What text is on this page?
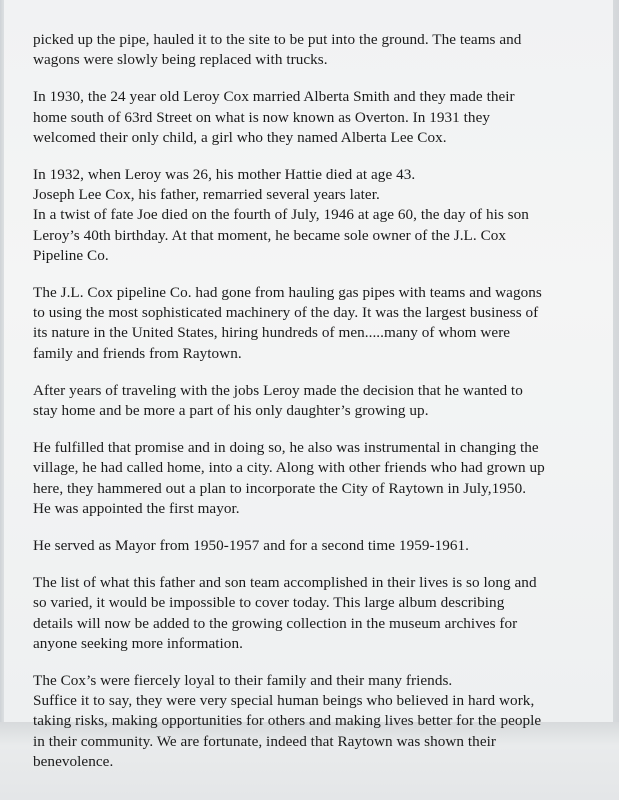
picked up the pipe, hauled it to the site to be put into the ground. The teams and
wagons were slowly being replaced with trucks.

In 1930, the 24 year old Leroy Cox married Alberta Smith and they made their
home south of 63rd Street on what is now known as Overton. In 1931 they
welcomed their only child, a girl who they named Alberta Lee Cox.

In 1932, when Leroy was 26, his mother Hattie died at age 43.
Joseph Lee Cox, his father, remarried several years later.
In a twist of fate Joe died on the fourth of July, 1946 at age 60, the day of his son
Leroy’s 40th birthday. At that moment, he became sole owner of the J.L. Cox
Pipeline Co.

The J.L. Cox pipeline Co. had gone from hauling gas pipes with teams and wagons
to using the most sophisticated machinery of the day. It was the largest business of
its nature in the United States, hiring hundreds of men.....many of whom were
family and friends from Raytown.

After years of traveling with the jobs Leroy made the decision that he wanted to
stay home and be more a part of his only daughter’s growing up.

He fulfilled that promise and in doing so, he also was instrumental in changing the
village, he had called home, into a city. Along with other friends who had grown up
here, they hammered out a plan to incorporate the City of Raytown in July,1950.
He was appointed the first mayor.

He served as Mayor from 1950-1957 and for a second time 1959-1961.

The list of what this father and son team accomplished in their lives is so long and
so varied, it would be impossible to cover today. This large album describing
details will now be added to the growing collection in the museum archives for
anyone seeking more information.

The Cox’s were fiercely loyal to their family and their many friends.
Suffice it to say, they were very special human beings who believed in hard work,
taking risks, making opportunities for others and making lives better for the people
in their community. We are fortunate, indeed that Raytown was shown their
benevolence.
